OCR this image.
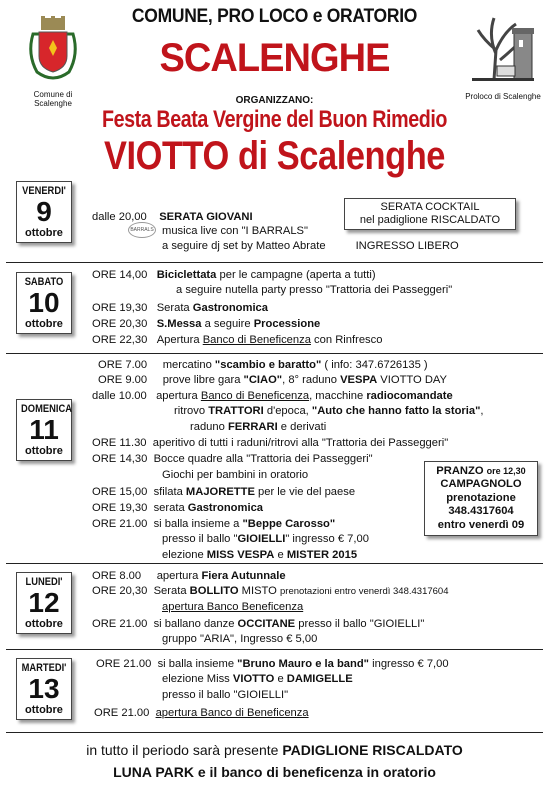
Comune di Scalenghe
Proloco di Scalenghe
COMUNE, PRO LOCO e ORATORIO
SCALENGHE
ORGANIZZANO:
Festa Beata Vergine del Buon Rimedio
VIOTTO di Scalenghe
VENERDI'
9
ottobre
SABATO
10
ottobre
DOMENICA
11
ottobre
LUNEDI'
12
ottobre
MARTEDI'
13
ottobre
dalle 20,00 SERATA GIOVANI
musica live con "I BARRALS"
a seguire dj set by Matteo Abrate	INGRESSO LIBERO
BARRALS
SERATA COCKTAIL
nel padiglione RISCALDATO
ORE 14,00 Biciclettata per le campagne (aperta a tutti)
a seguire nutella party presso "Trattoria dei Passeggeri"
ORE 19,30 Serata Gastronomica
ORE 20,30 S.Messa a seguire Processione
ORE 22,30 Apertura Banco di Beneficenza con Rinfresco
ORE 7.00 mercatino "scambio e baratto" ( info: 347.6726135 )
ORE 9.00 prove libre gara "CIAO", 8° raduno VESPA VIOTTO DAY
dalle 10.00 apertura Banco di Beneficenza, macchine radiocomandate
ritrovo TRATTORI d'epoca, "Auto che hanno fatto la storia",
raduno FERRARI e derivati
ORE 11.30 aperitivo di tutti i raduni/ritrovi alla "Trattoria dei Passeggeri"
ORE 14,30 Bocce quadre alla "Trattoria dei Passeggeri"
Giochi per bambini in oratorio
ORE 15,00 sfilata MAJORETTE per le vie del paese
ORE 19,30 serata Gastronomica
ORE 21.00 si balla insieme a "Beppe Carosso"
presso il ballo "GIOIELLI" ingresso € 7,00
elezione MISS VESPA e MISTER 2015
PRANZO ore 12,30
CAMPAGNOLO
prenotazione
348.4317604
entro venerdì 09
ORE 8.00 apertura Fiera Autunnale
ORE 20,30 Serata BOLLITO MISTO prenotazioni entro venerdì 348.4317604
apertura Banco Beneficenza
ORE 21.00 si ballano danze OCCITANE presso il ballo "GIOIELLI"
gruppo "ARIA", Ingresso € 5,00
ORE 21.00 si balla insieme "Bruno Mauro e la band" ingresso € 7,00
elezione Miss VIOTTO e DAMIGELLE
presso il ballo "GIOIELLI"
ORE 21.00 apertura Banco di Beneficenza
in tutto il periodo sarà presente PADIGLIONE RISCALDATO
LUNA PARK e il banco di beneficenza in oratorio
